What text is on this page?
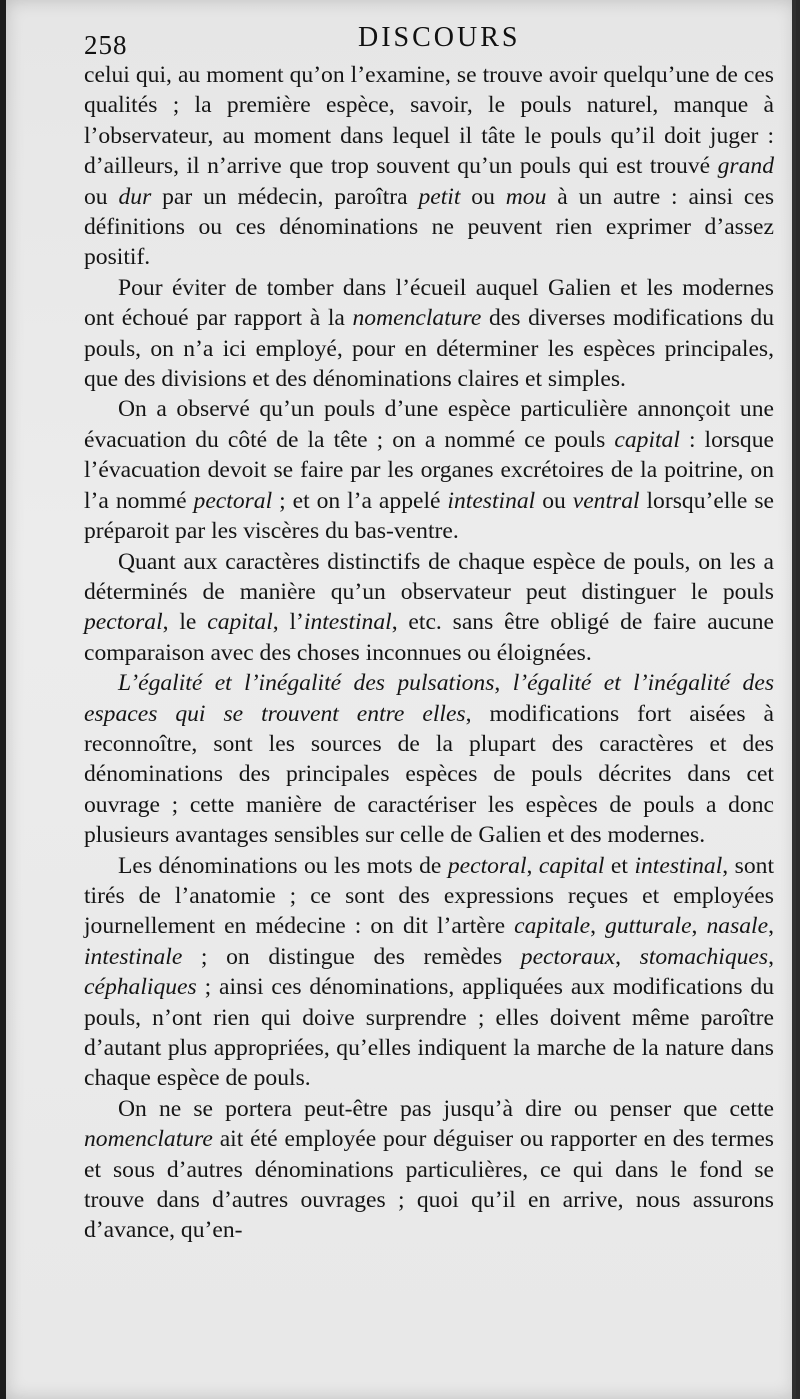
258	DISCOURS

celui qui, au moment qu’on l’examine, se trouve avoir quelqu’une de ces qualités ; la première espèce, savoir, le pouls naturel, manque à l’observateur, au moment dans lequel il tâte le pouls qu’il doit juger : d’ailleurs, il n’arrive que trop souvent qu’un pouls qui est trouvé grand ou dur par un médecin, paroîtra petit ou mou à un autre : ainsi ces définitions ou ces dénominations ne peuvent rien exprimer d’assez positif.

Pour éviter de tomber dans l’écueil auquel Galien et les modernes ont échoué par rapport à la nomenclature des diverses modifications du pouls, on n’a ici employé, pour en déterminer les espèces principales, que des divisions et des dénominations claires et simples.

On a observé qu’un pouls d’une espèce particulière annonçoit une évacuation du côté de la tête ; on a nommé ce pouls capital : lorsque l’évacuation devoit se faire par les organes excrétoires de la poitrine, on l’a nommé pectoral ; et on l’a appelé intestinal ou ventral lorsqu’elle se préparoit par les viscères du bas-ventre.

Quant aux caractères distinctifs de chaque espèce de pouls, on les a déterminés de manière qu’un observateur peut distinguer le pouls pectoral, le capital, l’intestinal, etc. sans être obligé de faire aucune comparaison avec des choses inconnues ou éloignées.

L’égalité et l’inégalité des pulsations, l’égalité et l’inégalité des espaces qui se trouvent entre elles, modifications fort aisées à reconnoître, sont les sources de la plupart des caractères et des dénominations des principales espèces de pouls décrites dans cet ouvrage ; cette manière de caractériser les espèces de pouls a donc plusieurs avantages sensibles sur celle de Galien et des modernes.

Les dénominations ou les mots de pectoral, capital et intestinal, sont tirés de l’anatomie ; ce sont des expressions reçues et employées journellement en médecine : on dit l’artère capitale, gutturale, nasale, intestinale ; on distingue des remèdes pectoraux, stomachiques, céphaliques ; ainsi ces dénominations, appliquées aux modifications du pouls, n’ont rien qui doive surprendre ; elles doivent même paroître d’autant plus appropriées, qu’elles indiquent la marche de la nature dans chaque espèce de pouls.

On ne se portera peut-être pas jusqu’à dire ou penser que cette nomenclature ait été employée pour déguiser ou rapporter en des termes et sous d’autres dénominations particulières, ce qui dans le fond se trouve dans d’autres ouvrages ; quoi qu’il en arrive, nous assurons d’avance, qu’en-
